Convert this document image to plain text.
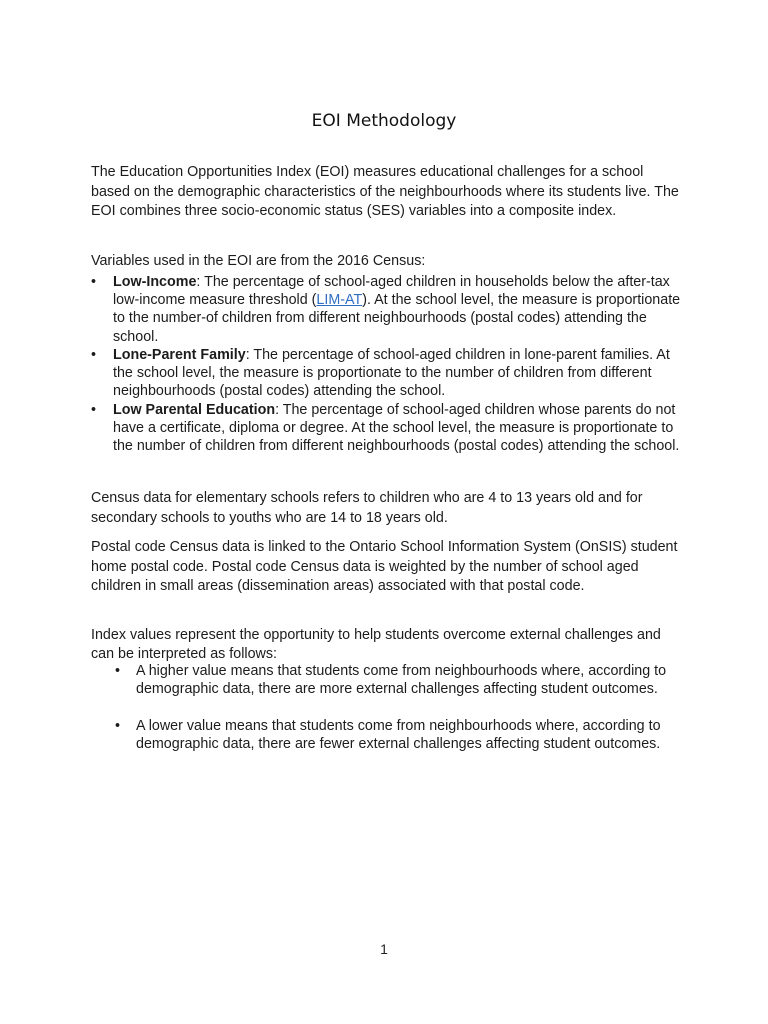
EOI Methodology
The Education Opportunities Index (EOI) measures educational challenges for a school based on the demographic characteristics of the neighbourhoods where its students live. The EOI combines three socio-economic status (SES) variables into a composite index.
Variables used in the EOI are from the 2016 Census:
• Low-Income: The percentage of school-aged children in households below the after-tax low-income measure threshold (LIM-AT). At the school level, the measure is proportionate to the number-of children from different neighbourhoods (postal codes) attending the school.
• Lone-Parent Family: The percentage of school-aged children in lone-parent families. At the school level, the measure is proportionate to the number of children from different neighbourhoods (postal codes) attending the school.
• Low Parental Education: The percentage of school-aged children whose parents do not have a certificate, diploma or degree. At the school level, the measure is proportionate to the number of children from different neighbourhoods (postal codes) attending the school.
Census data for elementary schools refers to children who are 4 to 13 years old and for secondary schools to youths who are 14 to 18 years old.
Postal code Census data is linked to the Ontario School Information System (OnSIS) student home postal code. Postal code Census data is weighted by the number of school aged children in small areas (dissemination areas) associated with that postal code.
Index values represent the opportunity to help students overcome external challenges and can be interpreted as follows:
• A higher value means that students come from neighbourhoods where, according to demographic data, there are more external challenges affecting student outcomes.
• A lower value means that students come from neighbourhoods where, according to demographic data, there are fewer external challenges affecting student outcomes.
1
